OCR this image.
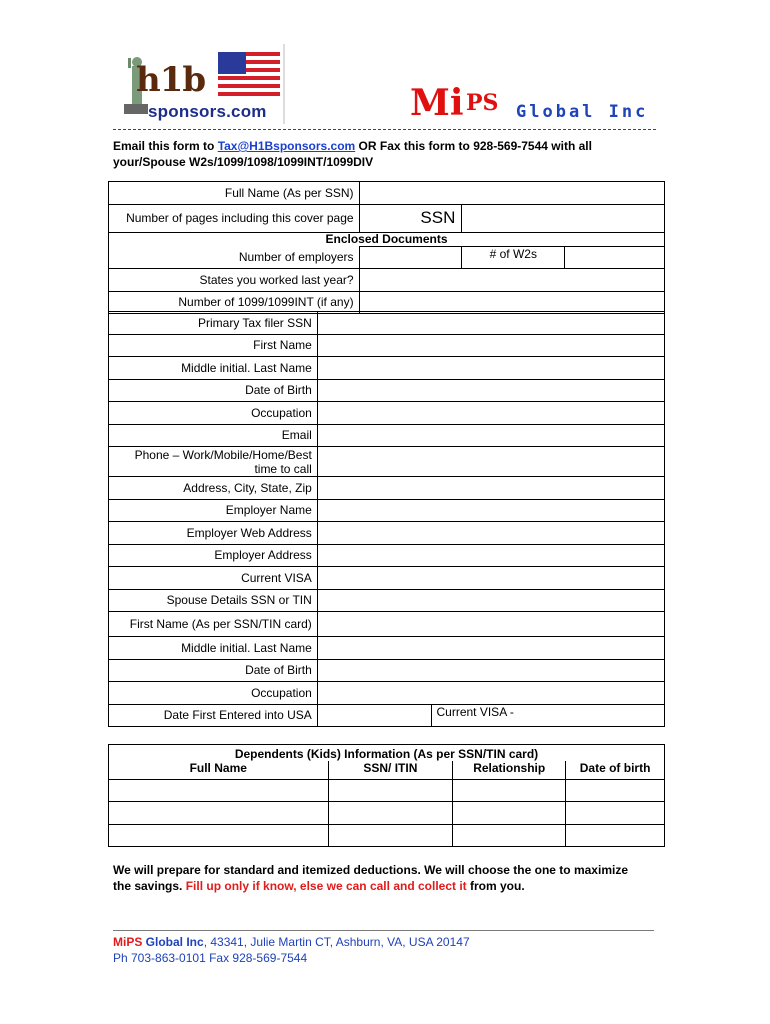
h1b
sponsors.com	Mi PS Global Inc
Email this form to Tax@H1Bsponsors.com OR Fax this form to 928-569-7544 with all
your/Spouse W2s/1099/1098/1099INT/1099DIV
Full Name (As per SSN)			
Number of pages including this cover page	SSN		
Enclosed Documents			
Number of employers		# of W2s	
States you worked last year?			
Number of 1099/1099INT (if any)			
Primary Tax filer SSN		
First Name		
Middle initial. Last Name		
Date of Birth		
Occupation		
Email		
Phone – Work/Mobile/Home/Best
time to call		
Address, City, State, Zip		
Employer Name		
Employer Web Address		
Employer Address		
Current VISA		
Spouse Details SSN or TIN		
First Name (As per SSN/TIN card)		
Middle initial. Last Name		
Date of Birth		
Occupation		
Date First Entered into USA		Current VISA -
Dependents (Kids) Information (As per SSN/TIN card)			
Full Name	SSN/ ITIN	Relationship	Date of birth

We will prepare for standard and itemized deductions. We will choose the one to maximize
the savings. Fill up only if know, else we can call and collect it from you.
MiPS Global Inc, 43341, Julie Martin CT, Ashburn, VA, USA 20147
Ph 703-863-0101 Fax 928-569-7544
